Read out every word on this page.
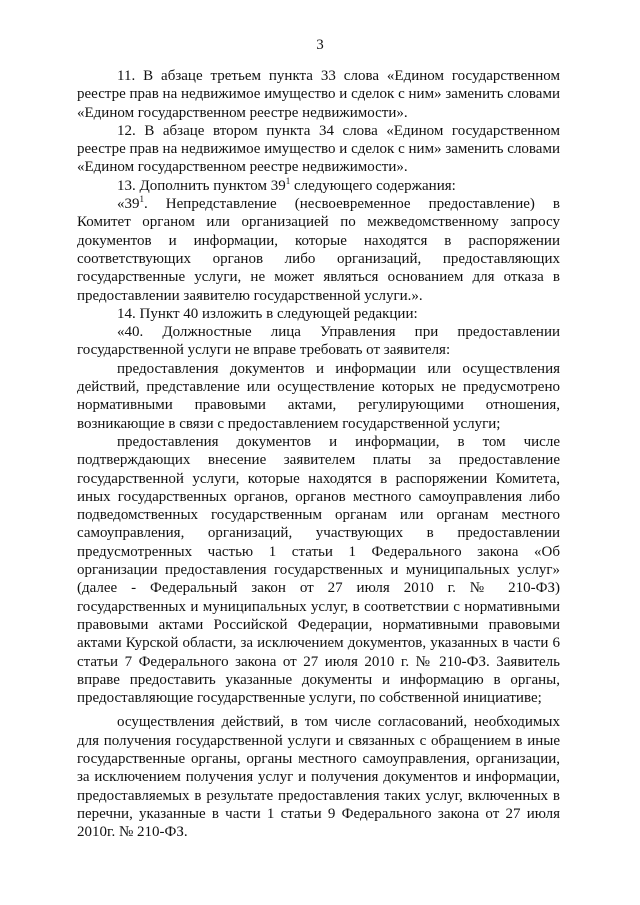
3

11. В абзаце третьем пункта 33 слова «Едином государственном реестре прав на недвижимое имущество и сделок с ним» заменить словами «Едином государственном реестре недвижимости».

12. В абзаце втором пункта 34 слова «Едином государственном реестре прав на недвижимое имущество и сделок с ним» заменить словами «Едином государственном реестре недвижимости».

13. Дополнить пунктом $39^1$ следующего содержания:

«$39^1$. Непредставление (несвоевременное предоставление) в Комитет органом или организацией по межведомственному запросу документов и информации, которые находятся в распоряжении соответствующих органов либо организаций, предоставляющих государственные услуги, не может являться основанием для отказа в предоставлении заявителю государственной услуги.».

14. Пункт 40 изложить в следующей редакции:

«40. Должностные лица Управления при предоставлении государственной услуги не вправе требовать от заявителя:

предоставления документов и информации или осуществления действий, представление или осуществление которых не предусмотрено нормативными правовыми актами, регулирующими отношения, возникающие в связи с предоставлением государственной услуги;

предоставления документов и информации, в том числе подтверждающих внесение заявителем платы за предоставление государственной услуги, которые находятся в распоряжении Комитета, иных государственных органов, органов местного самоуправления либо подведомственных государственным органам или органам местного самоуправления, организаций, участвующих в предоставлении предусмотренных частью 1 статьи 1 Федерального закона «Об организации предоставления государственных и муниципальных услуг» (далее - Федеральный закон от 27 июля 2010 г. № 210-ФЗ) государственных и муниципальных услуг, в соответствии с нормативными правовыми актами Российской Федерации, нормативными правовыми актами Курской области, за исключением документов, указанных в части 6 статьи 7 Федерального закона от 27 июля 2010 г. № 210-ФЗ. Заявитель вправе предоставить указанные документы и информацию в органы, предоставляющие государственные услуги, по собственной инициативе;

осуществления действий, в том числе согласований, необходимых для получения государственной услуги и связанных с обращением в иные государственные органы, органы местного самоуправления, организации, за исключением получения услуг и получения документов и информации, предоставляемых в результате предоставления таких услуг, включенных в перечни, указанные в части 1 статьи 9 Федерального закона от 27 июля 2010г. № 210-ФЗ.
